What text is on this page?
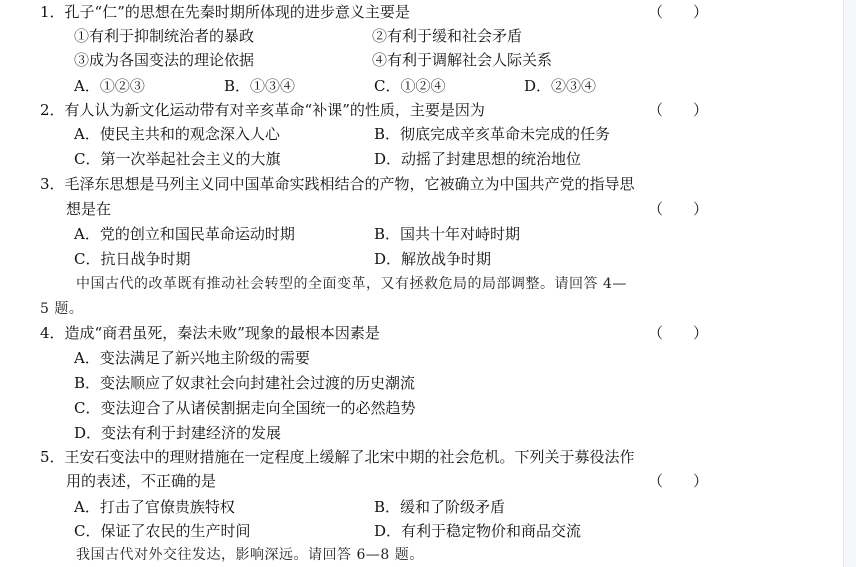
1．孔子“仁”的思想在先秦时期所体现的进步意义主要是	（　　）
①有利于抑制统治者的暴政	②有利于缓和社会矛盾
③成为各国变法的理论依据	④有利于调解社会人际关系
A．①②③	B．①③④	C．①②④	D．②③④
2．有人认为新文化运动带有对辛亥革命“补课”的性质，主要是因为	（　　）
A．使民主共和的观念深入人心	B．彻底完成辛亥革命未完成的任务
C．第一次举起社会主义的大旗	D．动摇了封建思想的统治地位
3．毛泽东思想是马列主义同中国革命实践相结合的产物，它被确立为中国共产党的指导思
想是在	（　　）
A．党的创立和国民革命运动时期	B．国共十年对峙时期
C．抗日战争时期	D．解放战争时期
中国古代的改革既有推动社会转型的全面变革，又有拯救危局的局部调整。请回答 4—
5 题。
4．造成“商君虽死，秦法未败”现象的最根本因素是	（　　）
A．变法满足了新兴地主阶级的需要
B．变法顺应了奴隶社会向封建社会过渡的历史潮流
C．变法迎合了从诸侯割据走向全国统一的必然趋势
D．变法有利于封建经济的发展
5．王安石变法中的理财措施在一定程度上缓解了北宋中期的社会危机。下列关于募役法作
用的表述，不正确的是	（　　）
A．打击了官僚贵族特权	B．缓和了阶级矛盾
C．保证了农民的生产时间	D．有利于稳定物价和商品交流
我国古代对外交往发达，影响深远。请回答 6—8 题。
